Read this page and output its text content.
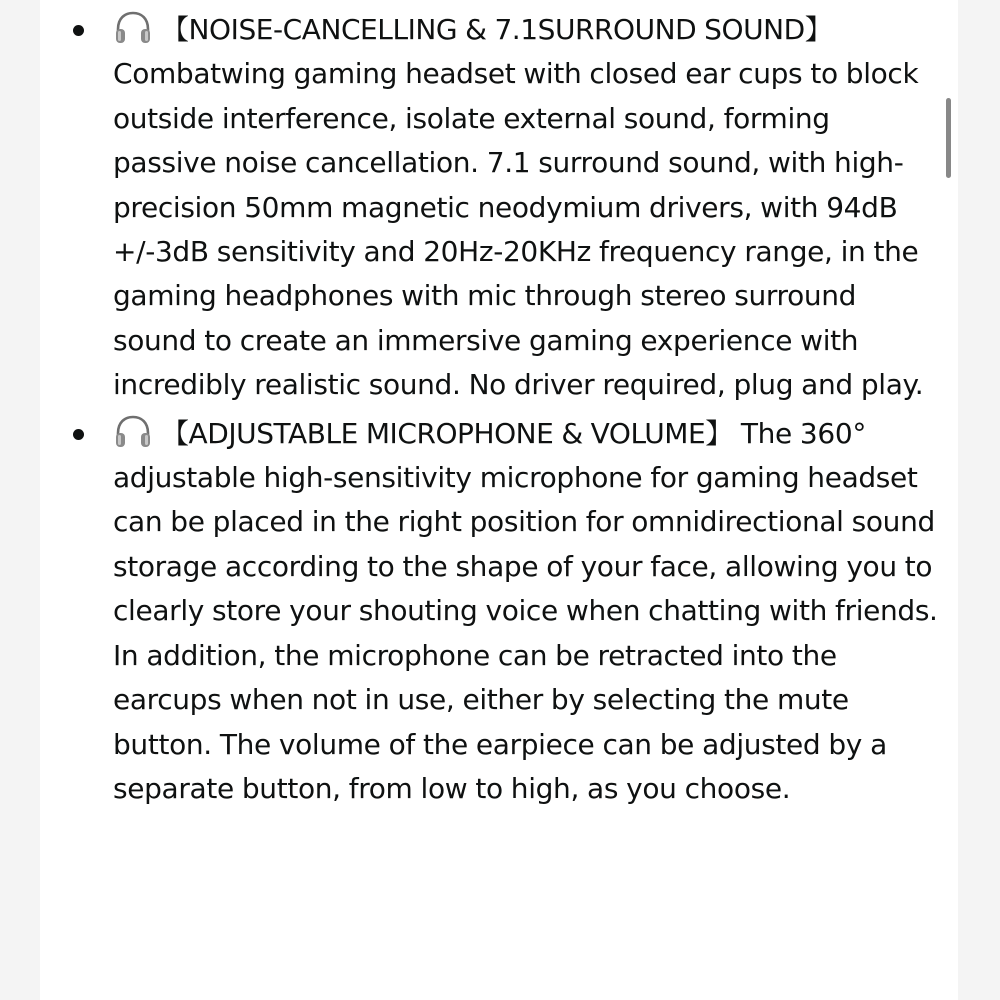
【NOISE-CANCELLING & 7.1SURROUND SOUND】 Combatwing gaming headset with closed ear cups to block outside interference, isolate external sound, forming passive noise cancellation. 7.1 surround sound, with high-precision 50mm magnetic neodymium drivers, with 94dB +/-3dB sensitivity and 20Hz-20KHz frequency range, in the gaming headphones with mic through stereo surround sound to create an immersive gaming experience with incredibly realistic sound. No driver required, plug and play.
【ADJUSTABLE MICROPHONE & VOLUME】 The 360° adjustable high-sensitivity microphone for gaming headset can be placed in the right position for omnidirectional sound storage according to the shape of your face, allowing you to clearly store your shouting voice when chatting with friends. In addition, the microphone can be retracted into the earcups when not in use, either by selecting the mute button. The volume of the earpiece can be adjusted by a separate button, from low to high, as you choose.
